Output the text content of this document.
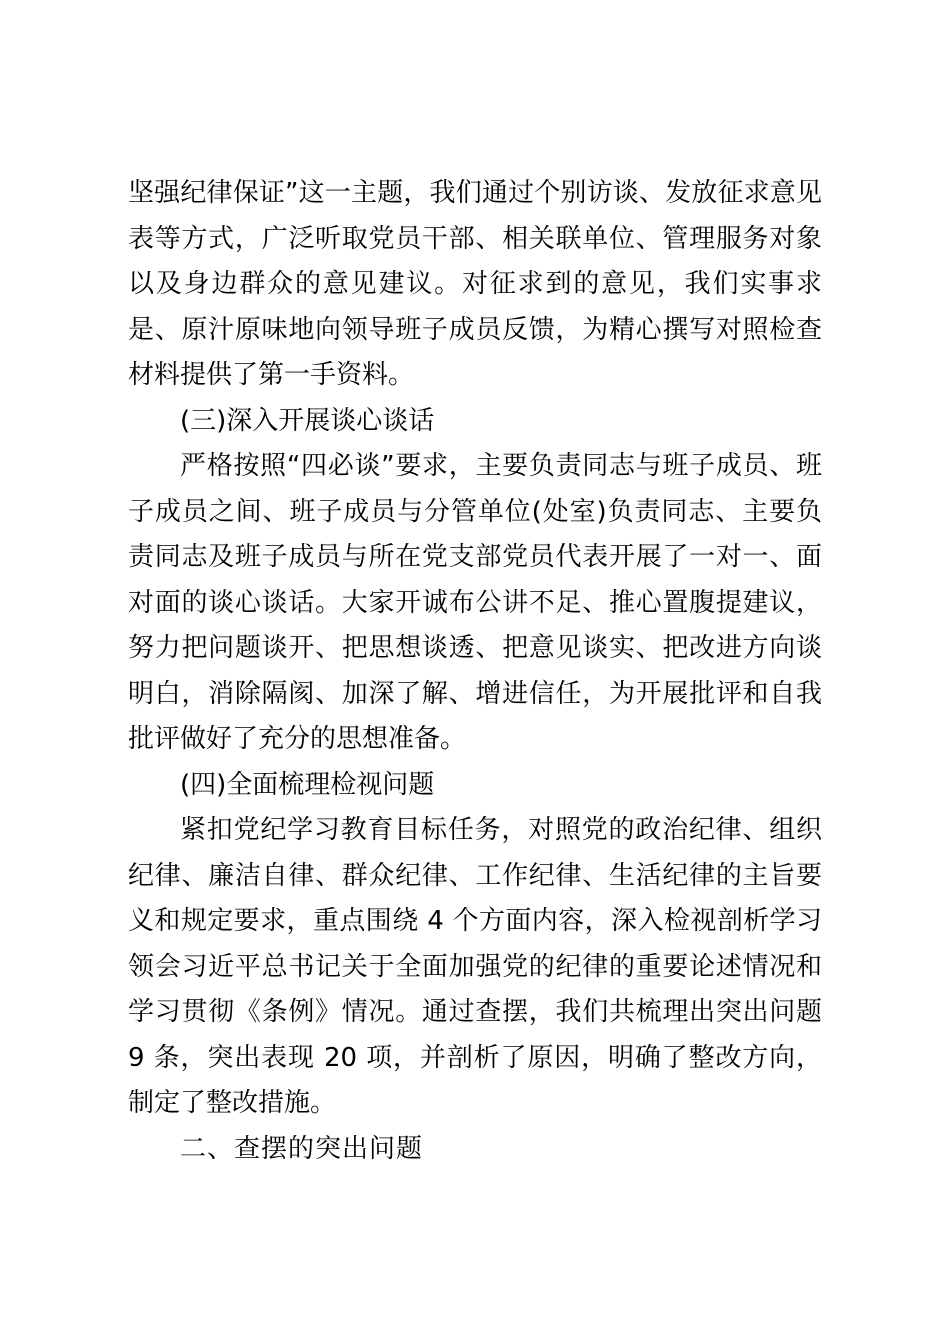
坚强纪律保证”这一主题，我们通过个别访谈、发放征求意见表等方式，广泛听取党员干部、相关联单位、管理服务对象以及身边群众的意见建议。对征求到的意见，我们实事求是、原汁原味地向领导班子成员反馈，为精心撰写对照检查材料提供了第一手资料。

(三)深入开展谈心谈话

严格按照“四必谈”要求，主要负责同志与班子成员、班子成员之间、班子成员与分管单位(处室)负责同志、主要负责同志及班子成员与所在党支部党员代表开展了一对一、面对面的谈心谈话。大家开诚布公讲不足、推心置腹提建议，努力把问题谈开、把思想谈透、把意见谈实、把改进方向谈明白，消除隔阂、加深了解、增进信任，为开展批评和自我批评做好了充分的思想准备。

(四)全面梳理检视问题

紧扣党纪学习教育目标任务，对照党的政治纪律、组织纪律、廉洁自律、群众纪律、工作纪律、生活纪律的主旨要义和规定要求，重点围绕 4 个方面内容，深入检视剖析学习领会习近平总书记关于全面加强党的纪律的重要论述情况和学习贯彻《条例》情况。通过查摆，我们共梳理出突出问题 9 条，突出表现 20 项，并剖析了原因，明确了整改方向，制定了整改措施。

二、查摆的突出问题
